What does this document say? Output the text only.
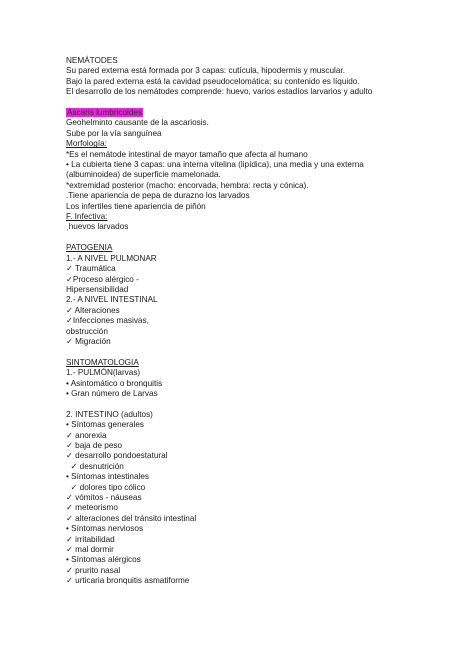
NEMÁTODES
Su pared externa está formada por 3 capas: cutícula, hipodermis y muscular.
Bajo la pared externa está la cavidad pseudocelomática; su contenido es líquido.
El desarrollo de los nemátodes comprende: huevo, varios estadíos larvarios y adulto
Ascaris lumbricoides
Geohelminto causante de la ascariosis.
Sube por la vía sanguínea
Morfología:
*Es el nemátode intestinal de mayor tamaño que afecta al humano
• La cubierta tiene 3 capas: una interna vitelina (lipídica), una media y una externa
(albuminoidea) de superficie mamelonada.
*extremidad posterior (macho: encorvada, hembra: recta y cónica).
.Tiene apariencia de pepa de durazno los larvados
Los infertiles tiene apariencia de piñón
F. Infectiva:
ˌhuevos larvados
PATOGENIA
1.- A NIVEL PULMONAR
✓ Traumática
✓Proceso alérgico -
Hipersensibilidad
2.- A NIVEL INTESTINAL
✓ Alteraciones
✓Infecciones masivas,
obstrucción
✓ Migración
SINTOMATOLOGIA
1.- PULMÓN(larvas)
• Asintomático o bronquitis
• Gran número de Larvas
2. INTESTINO (adultos)
• Síntomas generales
✓ anorexia
✓ baja de peso
✓ desarrollo pondoestatural
✓ desnutrición
• Síntomas intestinales
✓ dolores tipo cólico
✓ vómitos - náuseas
✓ meteorismo
✓ alteraciones del tránsito intestinal
• Síntomas nerviosos
✓ irritabilidad
✓ mal dormir
• Síntomas alérgicos
✓ prurito nasal
✓ urticaria bronquitis asmatiforme
